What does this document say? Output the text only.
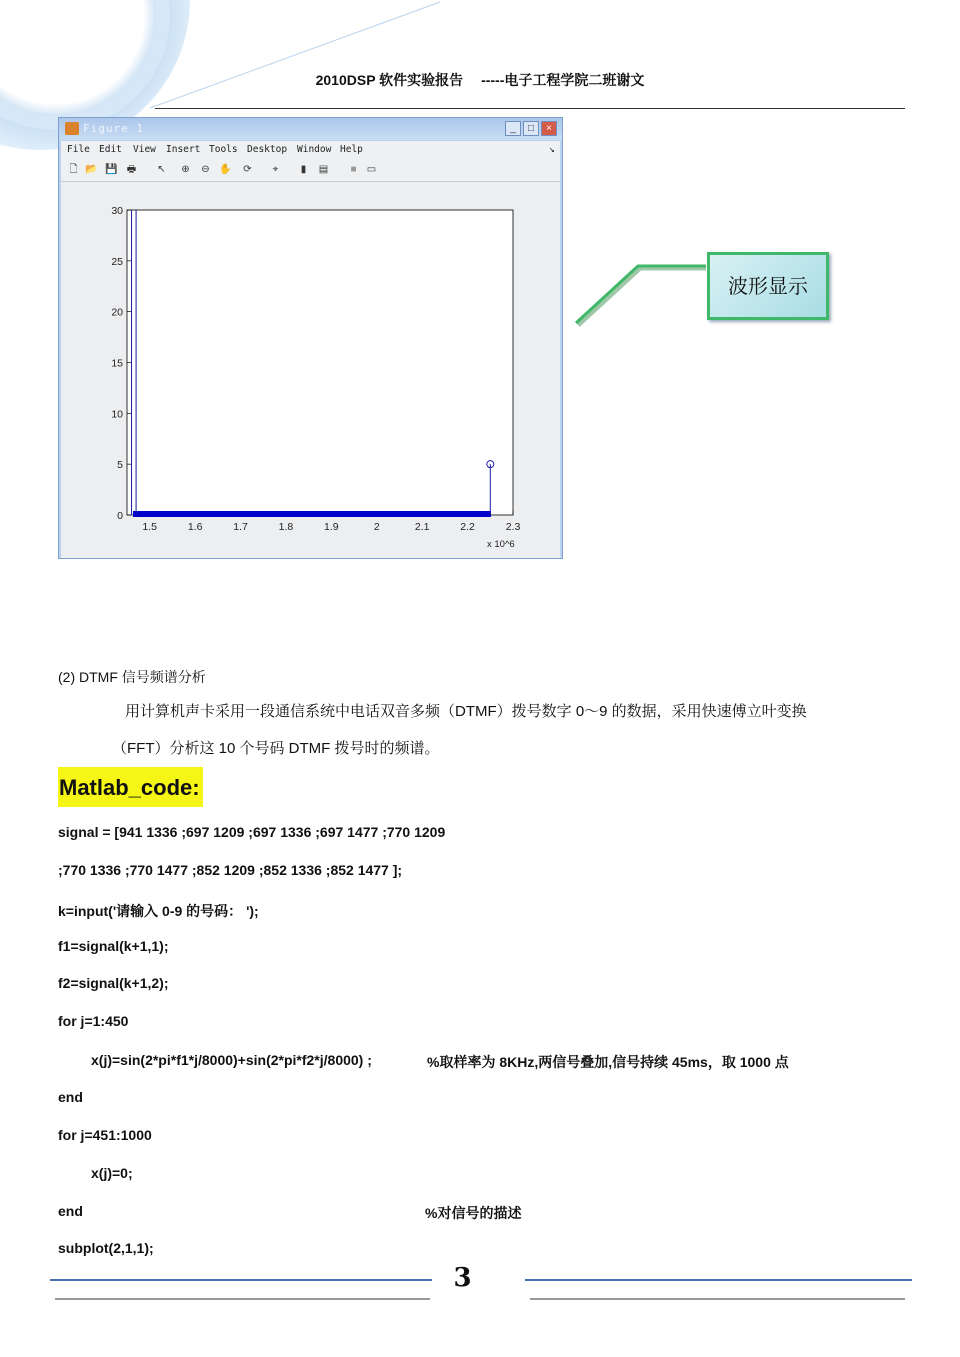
2010DSP 软件实验报告　 -----电子工程学院二班谢文
Figure 1	_	□	×
File Edit View Insert Tools Desktop Window Help	↘
🗋 📂 💾 🖶 ↖ ⊕ ⊖ ✋ ⟳	⌖	▮	▤	■	▭
0
5
10
15
20
25
30
1.5	1.6	1.7	1.8	1.9	2	2.1	2.2	2.3
x 10^6
波形显示
(2) DTMF 信号频谱分析
用计算机声卡采用一段通信系统中电话双音多频（DTMF）拨号数字 0～9 的数据，采用快速傅立叶变换
（FFT）分析这 10 个号码 DTMF 拨号时的频谱。
Matlab_code:
signal = [941 1336 ;697 1209 ;697 1336 ;697 1477 ;770 1209
;770 1336 ;770 1477 ;852 1209 ;852 1336 ;852 1477 ];
k=input('请输入 0-9 的号码： ');
f1=signal(k+1,1);
f2=signal(k+1,2);
for j=1:450
x(j)=sin(2*pi*f1*j/8000)+sin(2*pi*f2*j/8000) ;	%取样率为 8KHz,两信号叠加,信号持续 45ms，取 1000 点
end
for j=451:1000
x(j)=0;
end	%对信号的描述
subplot(2,1,1);
3
